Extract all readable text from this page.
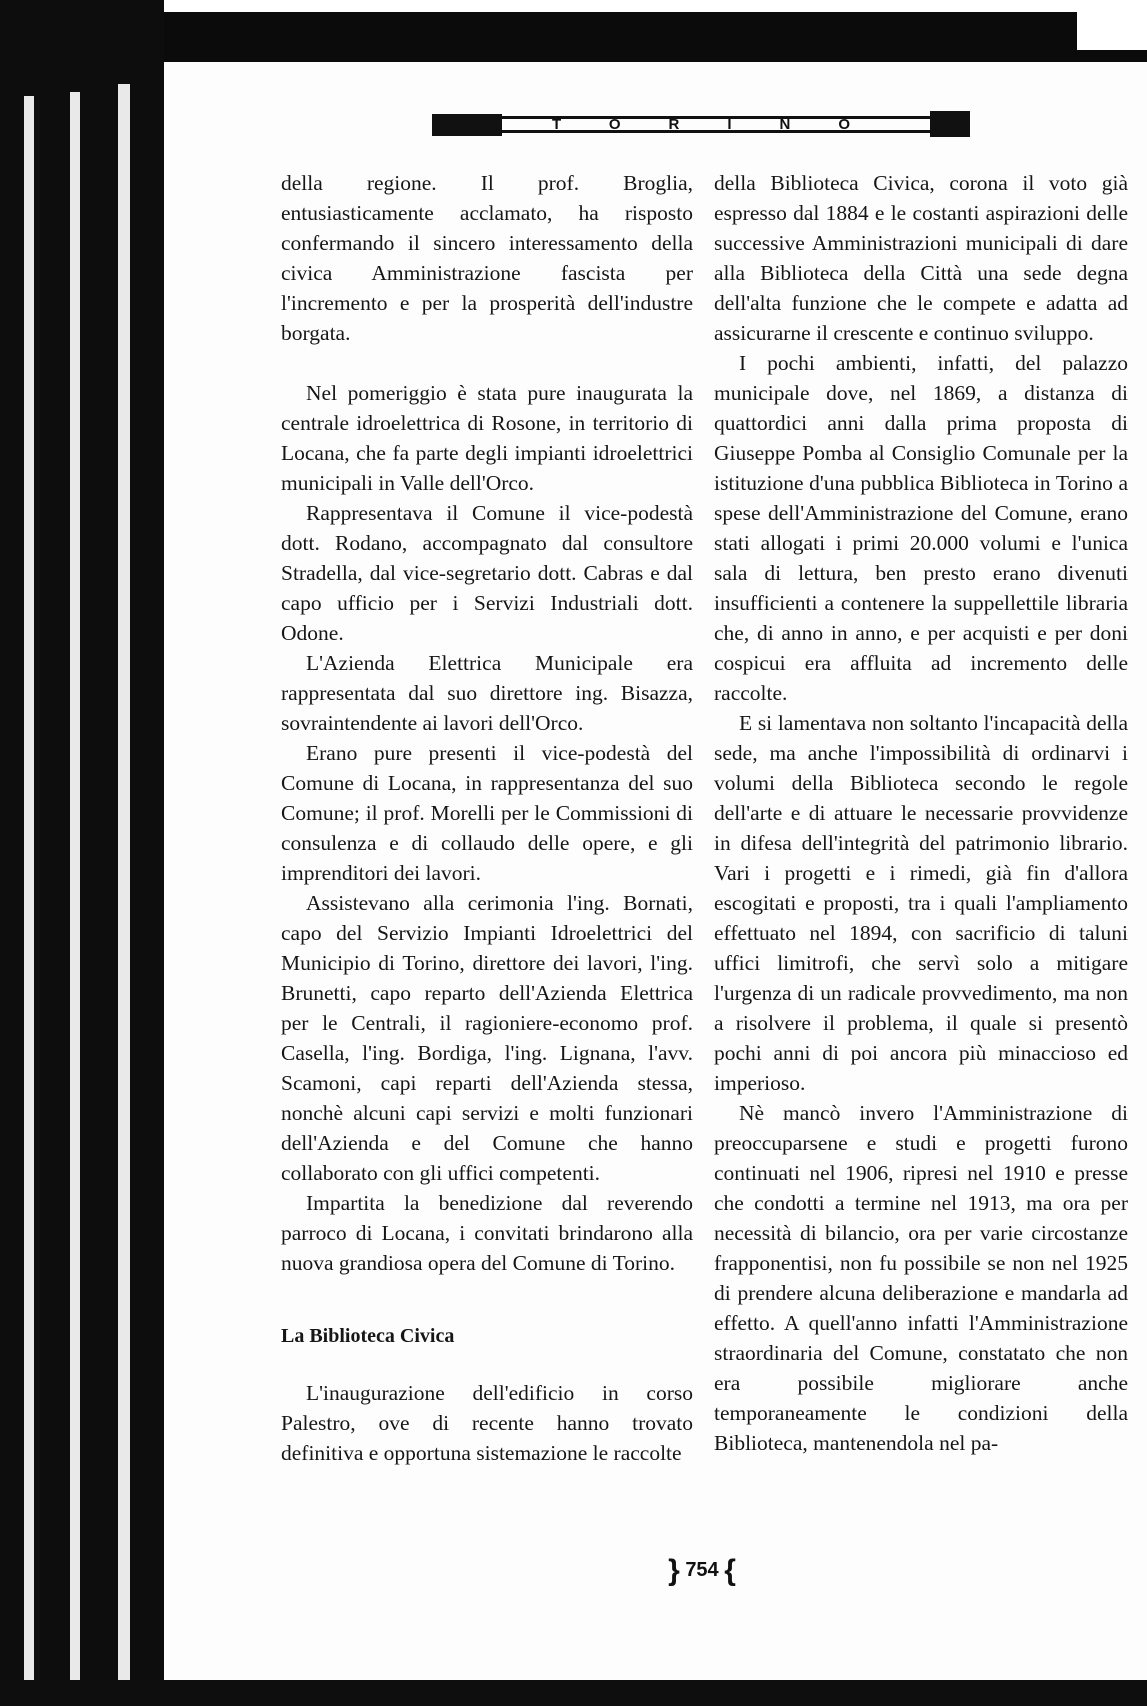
TORINO

della regione. Il prof. Broglia, entusiasticamente acclamato, ha risposto confermando il sincero interessamento della civica Amministrazione fascista per l'incremento e per la prosperità dell'industre borgata.

Nel pomeriggio è stata pure inaugurata la centrale idroelettrica di Rosone, in territorio di Locana, che fa parte degli impianti idroelettrici municipali in Valle dell'Orco.

Rappresentava il Comune il vice-podestà dott. Rodano, accompagnato dal consultore Stradella, dal vice-segretario dott. Cabras e dal capo ufficio per i Servizi Industriali dott. Odone.

L'Azienda Elettrica Municipale era rappresentata dal suo direttore ing. Bisazza, sovraintendente ai lavori dell'Orco.

Erano pure presenti il vice-podestà del Comune di Locana, in rappresentanza del suo Comune; il prof. Morelli per le Commissioni di consulenza e di collaudo delle opere, e gli imprenditori dei lavori.

Assistevano alla cerimonia l'ing. Bornati, capo del Servizio Impianti Idroelettrici del Municipio di Torino, direttore dei lavori, l'ing. Brunetti, capo reparto dell'Azienda Elettrica per le Centrali, il ragioniere-economo prof. Casella, l'ing. Bordiga, l'ing. Lignana, l'avv. Scamoni, capi reparti dell'Azienda stessa, nonchè alcuni capi servizi e molti funzionari dell'Azienda e del Comune che hanno collaborato con gli uffici competenti.

Impartita la benedizione dal reverendo parroco di Locana, i convitati brindarono alla nuova grandiosa opera del Comune di Torino.

La Biblioteca Civica

L'inaugurazione dell'edificio in corso Palestro, ove di recente hanno trovato definitiva e opportuna sistemazione le raccolte

della Biblioteca Civica, corona il voto già espresso dal 1884 e le costanti aspirazioni delle successive Amministrazioni municipali di dare alla Biblioteca della Città una sede degna dell'alta funzione che le compete e adatta ad assicurarne il crescente e continuo sviluppo.

I pochi ambienti, infatti, del palazzo municipale dove, nel 1869, a distanza di quattordici anni dalla prima proposta di Giuseppe Pomba al Consiglio Comunale per la istituzione d'una pubblica Biblioteca in Torino a spese dell'Amministrazione del Comune, erano stati allogati i primi 20.000 volumi e l'unica sala di lettura, ben presto erano divenuti insufficienti a contenere la suppellettile libraria che, di anno in anno, e per acquisti e per doni cospicui era affluita ad incremento delle raccolte.

E si lamentava non soltanto l'incapacità della sede, ma anche l'impossibilità di ordinarvi i volumi della Biblioteca secondo le regole dell'arte e di attuare le necessarie provvidenze in difesa dell'integrità del patrimonio librario. Vari i progetti e i rimedi, già fin d'allora escogitati e proposti, tra i quali l'ampliamento effettuato nel 1894, con sacrificio di taluni uffici limitrofi, che servì solo a mitigare l'urgenza di un radicale provvedimento, ma non a risolvere il problema, il quale si presentò pochi anni di poi ancora più minaccioso ed imperioso.

Nè mancò invero l'Amministrazione di preoccuparsene e studi e progetti furono continuati nel 1906, ripresi nel 1910 e presse che condotti a termine nel 1913, ma ora per necessità di bilancio, ora per varie circostanze frapponentisi, non fu possibile se non nel 1925 di prendere alcuna deliberazione e mandarla ad effetto. A quell'anno infatti l'Amministrazione straordinaria del Comune, constatato che non era possibile migliorare anche temporaneamente le condizioni della Biblioteca, mantenendola nel pa-

} 754 {
